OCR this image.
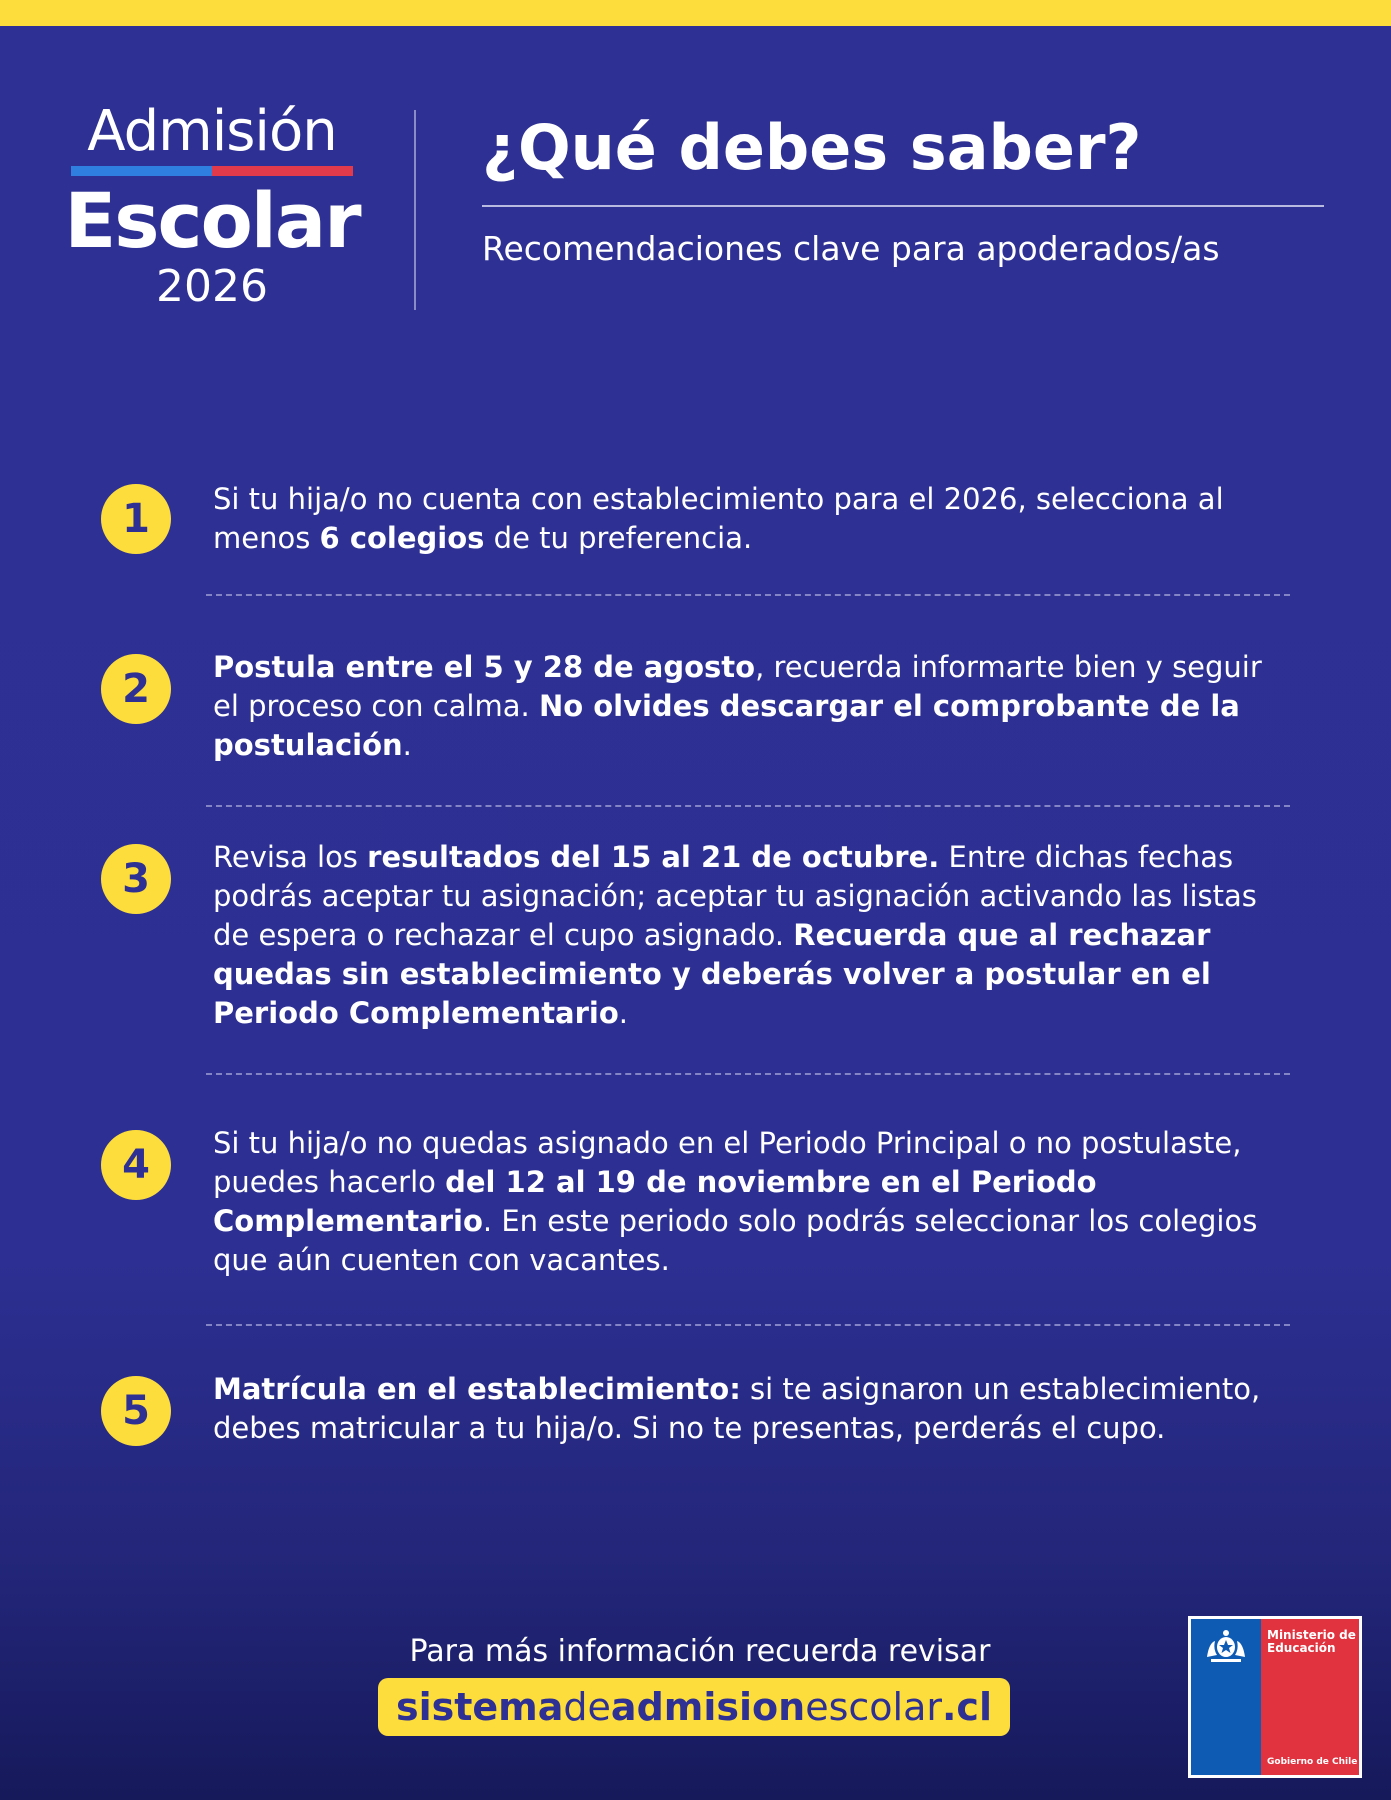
Admisión
Escolar
2026
¿Qué debes saber?
Recomendaciones clave para apoderados/as
1	Si tu hija/o no cuenta con establecimiento para el 2026, selecciona al menos 6 colegios de tu preferencia.
2	Postula entre el 5 y 28 de agosto, recuerda informarte bien y seguir el proceso con calma. No olvides descargar el comprobante de la postulación.
3	Revisa los resultados del 15 al 21 de octubre. Entre dichas fechas podrás aceptar tu asignación; aceptar tu asignación activando las listas de espera o rechazar el cupo asignado. Recuerda que al rechazar quedas sin establecimiento y deberás volver a postular en el Periodo Complementario.
4	Si tu hija/o no quedas asignado en el Periodo Principal o no postulaste, puedes hacerlo del 12 al 19 de noviembre en el Periodo Complementario. En este periodo solo podrás seleccionar los colegios que aún cuenten con vacantes.
5	Matrícula en el establecimiento: si te asignaron un establecimiento, debes matricular a tu hija/o. Si no te presentas, perderás el cupo.
Para más información recuerda revisar
sistemadeadmisionescolar.cl
Ministerio de Educación
Gobierno de Chile
